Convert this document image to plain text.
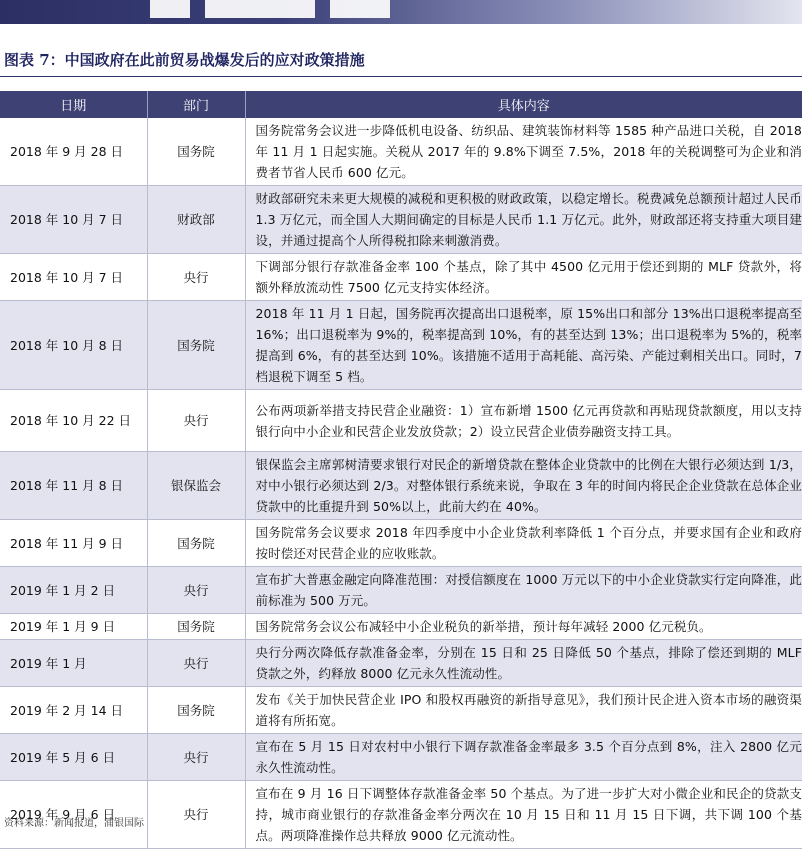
图表 7：中国政府在此前贸易战爆发后的应对政策措施
日期	部门	具体内容
2018 年 9 月 28 日	国务院	国务院常务会议进一步降低机电设备、纺织品、建筑装饰材料等 1585 种产品进口关税，自 2018 年 11 月 1 日起实施。关税从 2017 年的 9.8%下调至 7.5%，2018 年的关税调整可为企业和消费者节省人民币 600 亿元。
2018 年 10 月 7 日	财政部	财政部研究未来更大规模的减税和更积极的财政政策，以稳定增长。税费减免总额预计超过人民币 1.3 万亿元，而全国人大期间确定的目标是人民币 1.1 万亿元。此外，财政部还将支持重大项目建设，并通过提高个人所得税扣除来刺激消费。
2018 年 10 月 7 日	央行	下调部分银行存款准备金率 100 个基点，除了其中 4500 亿元用于偿还到期的 MLF 贷款外，将额外释放流动性 7500 亿元支持实体经济。
2018 年 10 月 8 日	国务院	2018 年 11 月 1 日起，国务院再次提高出口退税率，原 15%出口和部分 13%出口退税率提高至 16%；出口退税率为 9%的，税率提高到 10%，有的甚至达到 13%；出口退税率为 5%的，税率提高到 6%，有的甚至达到 10%。该措施不适用于高耗能、高污染、产能过剩相关出口。同时，7 档退税下调至 5 档。
2018 年 10 月 22 日	央行	公布两项新举措支持民营企业融资：1）宣布新增 1500 亿元再贷款和再贴现贷款额度，用以支持银行向中小企业和民营企业发放贷款；2）设立民营企业债券融资支持工具。
2018 年 11 月 8 日	银保监会	银保监会主席郭树清要求银行对民企的新增贷款在整体企业贷款中的比例在大银行必须达到 1/3，对中小银行必须达到 2/3。对整体银行系统来说，争取在 3 年的时间内将民企企业贷款在总体企业贷款中的比重提升到 50%以上，此前大约在 40%。
2018 年 11 月 9 日	国务院	国务院常务会议要求 2018 年四季度中小企业贷款利率降低 1 个百分点，并要求国有企业和政府按时偿还对民营企业的应收账款。
2019 年 1 月 2 日	央行	宣布扩大普惠金融定向降准范围：对授信额度在 1000 万元以下的中小企业贷款实行定向降准，此前标准为 500 万元。
2019 年 1 月 9 日	国务院	国务院常务会议公布减轻中小企业税负的新举措，预计每年减轻 2000 亿元税负。
2019 年 1 月	央行	央行分两次降低存款准备金率，分别在 15 日和 25 日降低 50 个基点，排除了偿还到期的 MLF 贷款之外，约释放 8000 亿元永久性流动性。
2019 年 2 月 14 日	国务院	发布《关于加快民营企业 IPO 和股权再融资的新指导意见》，我们预计民企进入资本市场的融资渠道将有所拓宽。
2019 年 5 月 6 日	央行	宣布在 5 月 15 日对农村中小银行下调存款准备金率最多 3.5 个百分点到 8%，注入 2800 亿元永久性流动性。
2019 年 9 月 6 日	央行	宣布在 9 月 16 日下调整体存款准备金率 50 个基点。为了进一步扩大对小微企业和民企的贷款支持，城市商业银行的存款准备金率分两次在 10 月 15 日和 11 月 15 日下调，共下调 100 个基点。两项降准操作总共释放 9000 亿元流动性。
资料来源：新闻报道，浦银国际
